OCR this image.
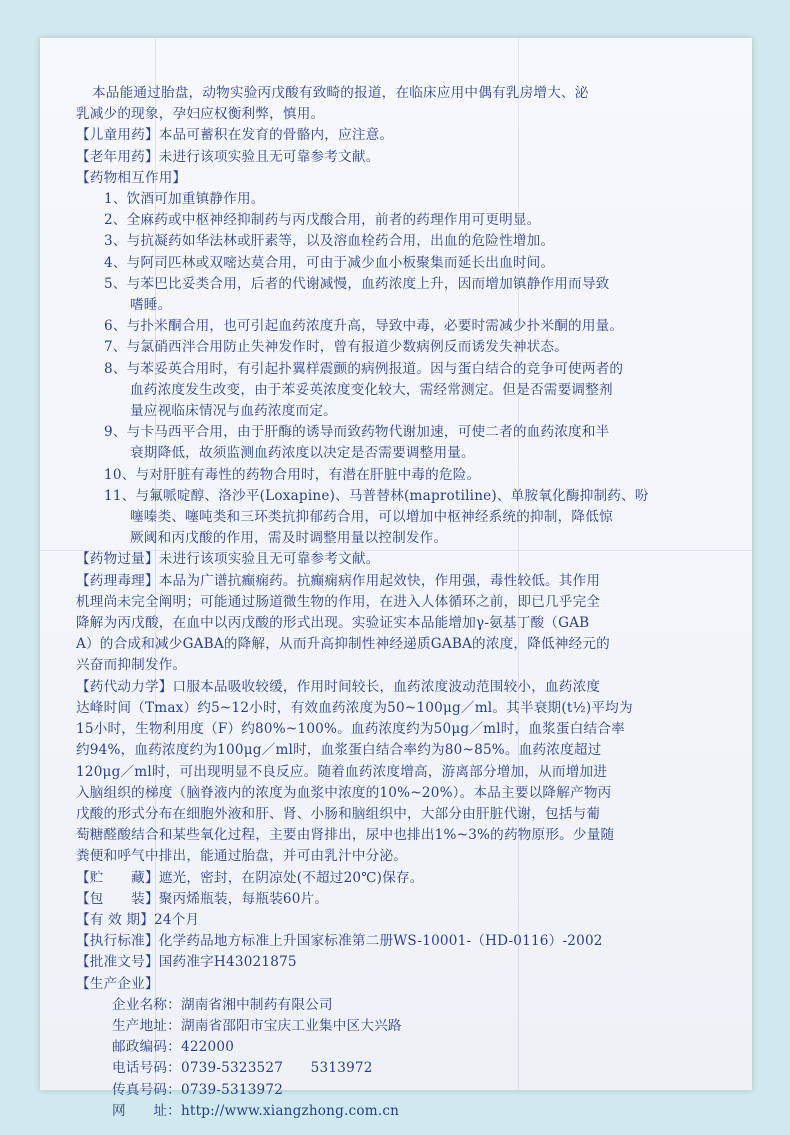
本品能通过胎盘，动物实验丙戊酸有致畸的报道，在临床应用中偶有乳房增大、泌
乳减少的现象，孕妇应权衡利弊，慎用。
【儿童用药】本品可蓄积在发育的骨骼内，应注意。
【老年用药】未进行该项实验且无可靠参考文献。
【药物相互作用】
1、饮酒可加重镇静作用。
2、全麻药或中枢神经抑制药与丙戊酸合用，前者的药理作用可更明显。
3、与抗凝药如华法林或肝素等，以及溶血栓药合用，出血的危险性增加。
4、与阿司匹林或双嘧达莫合用，可由于减少血小板聚集而延长出血时间。
5、与苯巴比妥类合用，后者的代谢减慢，血药浓度上升，因而增加镇静作用而导致
嗜睡。
6、与扑米酮合用，也可引起血药浓度升高，导致中毒，必要时需减少扑米酮的用量。
7、与氯硝西泮合用防止失神发作时，曾有报道少数病例反而诱发失神状态。
8、与苯妥英合用时，有引起扑翼样震颤的病例报道。因与蛋白结合的竞争可使两者的
血药浓度发生改变，由于苯妥英浓度变化较大，需经常测定。但是否需要调整剂
量应视临床情况与血药浓度而定。
9、与卡马西平合用，由于肝酶的诱导而致药物代谢加速，可使二者的血药浓度和半
衰期降低，故须监测血药浓度以决定是否需要调整用量。
10、与对肝脏有毒性的药物合用时，有潜在肝脏中毒的危险。
11、与氟哌啶醇、洛沙平(Loxapine)、马普替林(maprotiline)、单胺氧化酶抑制药、吩
噻嗪类、噻吨类和三环类抗抑郁药合用，可以增加中枢神经系统的抑制，降低惊
厥阈和丙戊酸的作用，需及时调整用量以控制发作。
【药物过量】未进行该项实验且无可靠参考文献。
【药理毒理】本品为广谱抗癫痫药。抗癫痫病作用起效快，作用强，毒性较低。其作用
机理尚未完全阐明；可能通过肠道微生物的作用，在进入人体循环之前，即已几乎完全
降解为丙戊酸，在血中以丙戊酸的形式出现。实验证实本品能增加γ-氨基丁酸（GAB
A）的合成和减少GABA的降解，从而升高抑制性神经递质GABA的浓度，降低神经元的
兴奋而抑制发作。
【药代动力学】口服本品吸收较缓，作用时间较长，血药浓度波动范围较小，血药浓度
达峰时间（Tmax）约5~12小时，有效血药浓度为50~100μg／ml。其半衰期(t½)平均为
15小时，生物利用度（F）约80%~100%。血药浓度约为50μg／ml时，血浆蛋白结合率
约94%，血药浓度约为100μg／ml时，血浆蛋白结合率约为80~85%。血药浓度超过
120μg／ml时，可出现明显不良反应。随着血药浓度增高，游离部分增加，从而增加进
入脑组织的梯度（脑脊液内的浓度为血浆中浓度的10%~20%）。本品主要以降解产物丙
戊酸的形式分布在细胞外液和肝、肾、小肠和脑组织中，大部分由肝脏代谢，包括与葡
萄糖醛酸结合和某些氧化过程，主要由肾排出，尿中也排出1%~3%的药物原形。少量随
粪便和呼气中排出，能通过胎盘，并可由乳汁中分泌。
【贮　　藏】遮光，密封，在阴凉处(不超过20℃)保存。
【包　　装】聚丙烯瓶装，每瓶装60片。
【有 效 期】24个月
【执行标准】化学药品地方标准上升国家标准第二册WS-10001-（HD-0116）-2002
【批准文号】国药准字H43021875
【生产企业】
企业名称：湖南省湘中制药有限公司
生产地址：湖南省邵阳市宝庆工业集中区大兴路
邮政编码：422000
电话号码：0739-5323527　　5313972
传真号码：0739-5313972
网　　址：http://www.xiangzhong.com.cn
